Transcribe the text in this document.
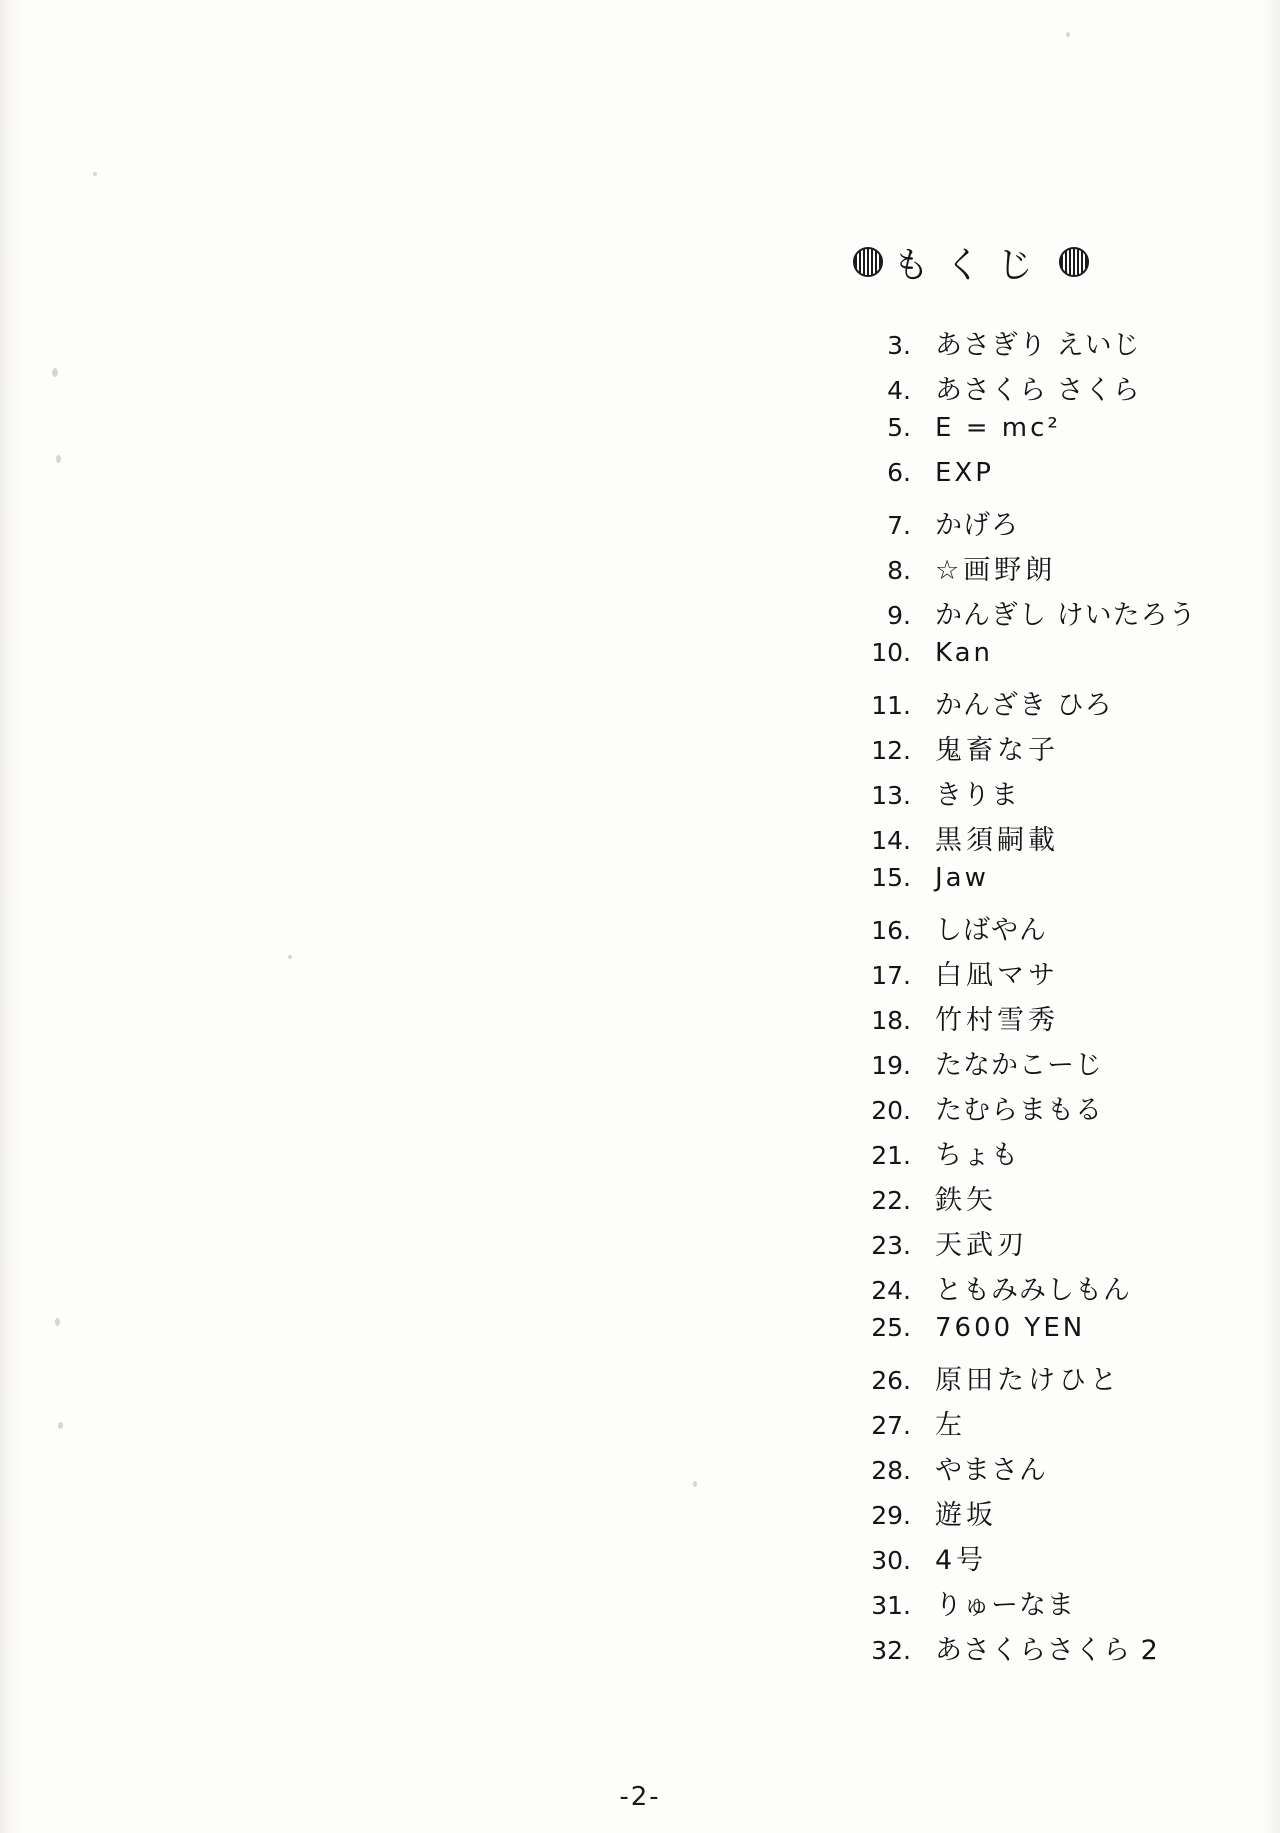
もくじ
3. あさぎり えいじ
4. あさくら さくら
5. E = mc²
6. EXP
7. かげろ
8. ☆画野朗
9. かんぎし けいたろう
10. Kan
11. かんざき ひろ
12. 鬼畜な子
13. きりま
14. 黒須嗣載
15. Jaw
16. しばやん
17. 白凪マサ
18. 竹村雪秀
19. たなかこーじ
20. たむらまもる
21. ちょも
22. 鉄矢
23. 天武刃
24. ともみみしもん
25. 7600 YEN
26. 原田たけひと
27. 左
28. やまさん
29. 遊坂
30. 4号
31. りゅーなま
32. あさくらさくら 2
-2-
